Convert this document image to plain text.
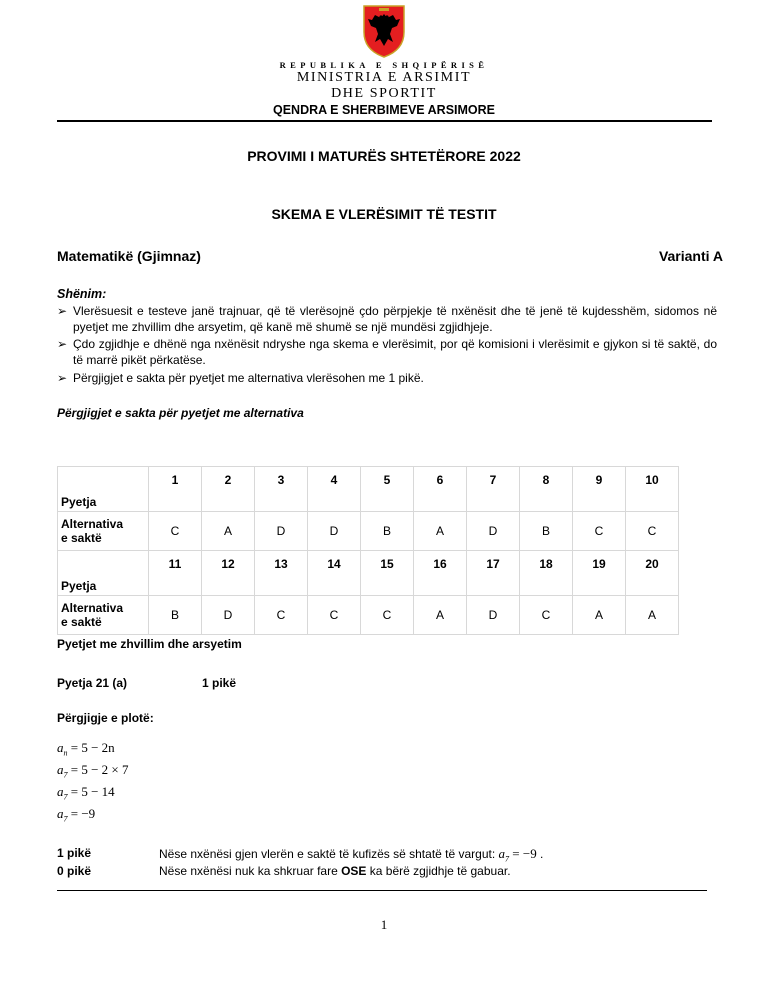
REPUBLIKA E SHQIPËRISË
MINISTRIA E ARSIMIT
DHE SPORTIT
QENDRA E SHERBIMEVE ARSIMORE
PROVIMI I MATURËS SHTETËRORE 2022
SKEMA E VLERËSIMIT TË TESTIT
Matematikë (Gjimnaz)	Varianti A
Shënim:
➢ Vlerësuesit e testeve janë trajnuar, që të vlerësojnë çdo përpjekje të nxënësit dhe të jenë të kujdesshëm, sidomos në pyetjet me zhvillim dhe arsyetim, që kanë më shumë se një mundësi zgjidhjeje.
➢ Çdo zgjidhje e dhënë nga nxënësit ndryshe nga skema e vlerësimit, por që komisioni i vlerësimit e gjykon si të saktë, do të marrë pikët përkatëse.
➢ Përgjigjet e sakta për pyetjet me alternativa vlerësohen me 1 pikë.
Përgjigjet e sakta për pyetjet me alternativa
Pyetja	1	2	3	4	5	6	7	8	9	10
Alternativa
e saktë	C	A	D	D	B	A	D	B	C	C
Pyetja	11	12	13	14	15	16	17	18	19	20
Alternativa
e saktë	B	D	C	C	C	A	D	C	A	A
Pyetjet me zhvillim dhe arsyetim
Pyetja 21 (a)	1 pikë
Përgjigje e plotë:
$a_n = 5 - 2n$
$a_7 = 5 - 2 \times 7$
$a_7 = 5 - 14$
$a_7 = -9$
1 pikë	Nëse nxënësi gjen vlerën e saktë të kufizës së shtatë të vargut: $a_7 = -9$ .
0 pikë	Nëse nxënësi nuk ka shkruar fare OSE ka bërë zgjidhje të gabuar.
1
